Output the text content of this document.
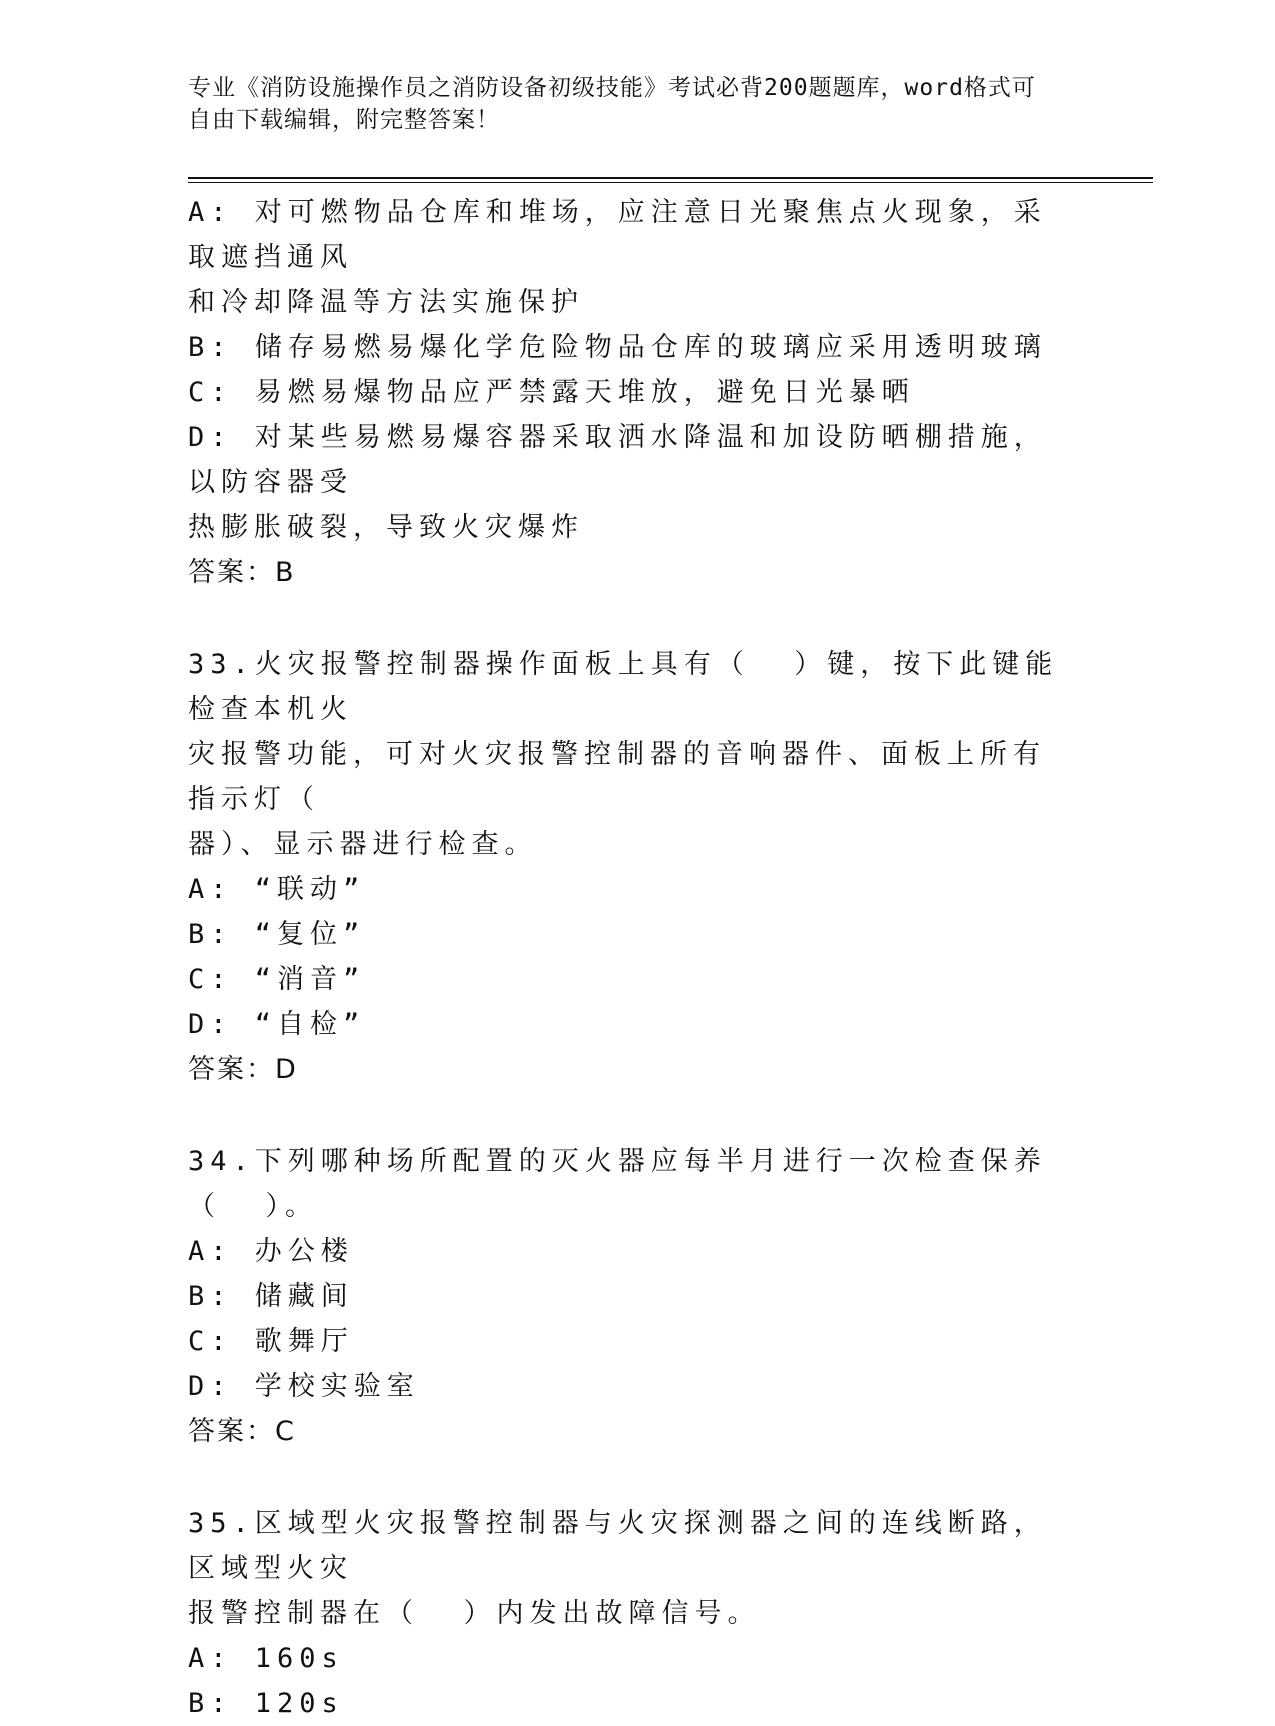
专业《消防设施操作员之消防设备初级技能》考试必背200题题库，word格式可
自由下载编辑，附完整答案！
A: 对可燃物品仓库和堆场，应注意日光聚焦点火现象，采取遮挡通风
和冷却降温等方法实施保护
B: 储存易燃易爆化学危险物品仓库的玻璃应采用透明玻璃
C: 易燃易爆物品应严禁露天堆放，避免日光暴晒
D: 对某些易燃易爆容器采取洒水降温和加设防晒棚措施，以防容器受
热膨胀破裂，导致火灾爆炸
答案：B
33.火灾报警控制器操作面板上具有（  ）键，按下此键能检查本机火
灾报警功能，可对火灾报警控制器的音响器件、面板上所有指示灯（
器）、显示器进行检查。
A: “联动”
B: “复位”
C: “消音”
D: “自检”
答案：D
34.下列哪种场所配置的灭火器应每半月进行一次检查保养（  ）。
A: 办公楼
B: 储藏间
C: 歌舞厅
D: 学校实验室
答案：C
35.区域型火灾报警控制器与火灾探测器之间的连线断路，区域型火灾
报警控制器在（  ）内发出故障信号。
A: 160s
B: 120s
